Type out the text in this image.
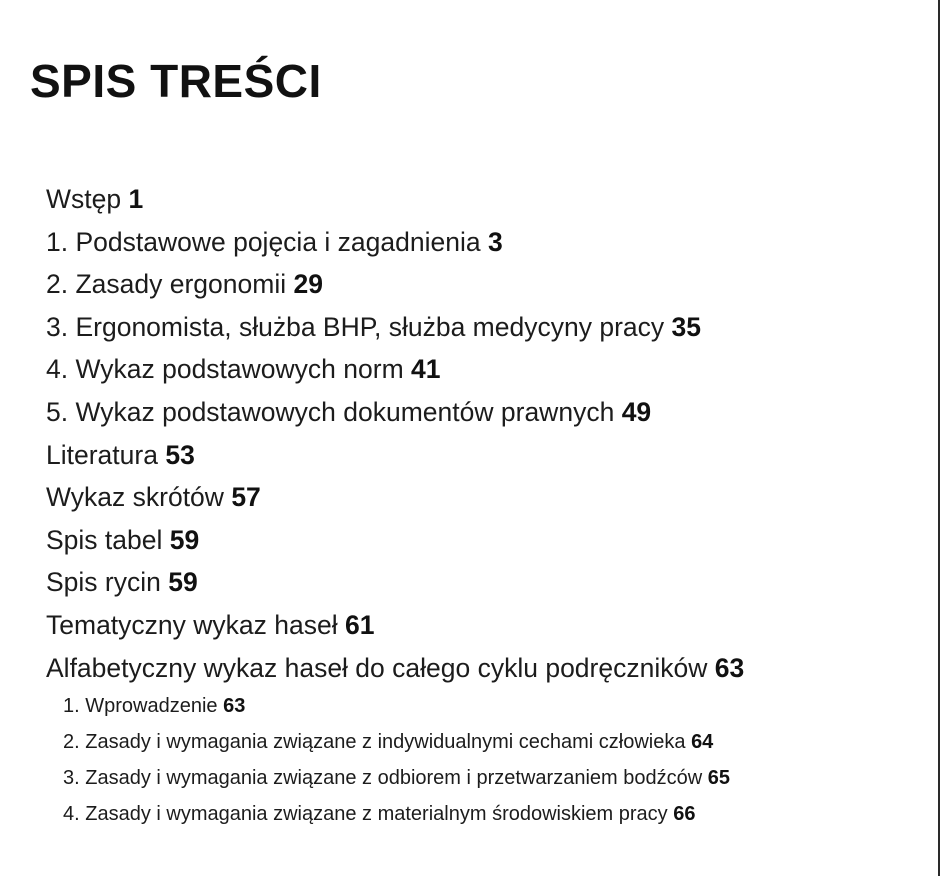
SPIS TREŚCI
Wstęp 1
1. Podstawowe pojęcia i zagadnienia 3
2. Zasady ergonomii 29
3. Ergonomista, służba BHP, służba medycyny pracy 35
4. Wykaz podstawowych norm 41
5. Wykaz podstawowych dokumentów prawnych 49
Literatura 53
Wykaz skrótów 57
Spis tabel 59
Spis rycin 59
Tematyczny wykaz haseł 61
Alfabetyczny wykaz haseł do całego cyklu podręczników 63
1. Wprowadzenie 63
2. Zasady i wymagania związane z indywidualnymi cechami człowieka 64
3. Zasady i wymagania związane z odbiorem i przetwarzaniem bodźców 65
4. Zasady i wymagania związane z materialnym środowiskiem pracy 66
